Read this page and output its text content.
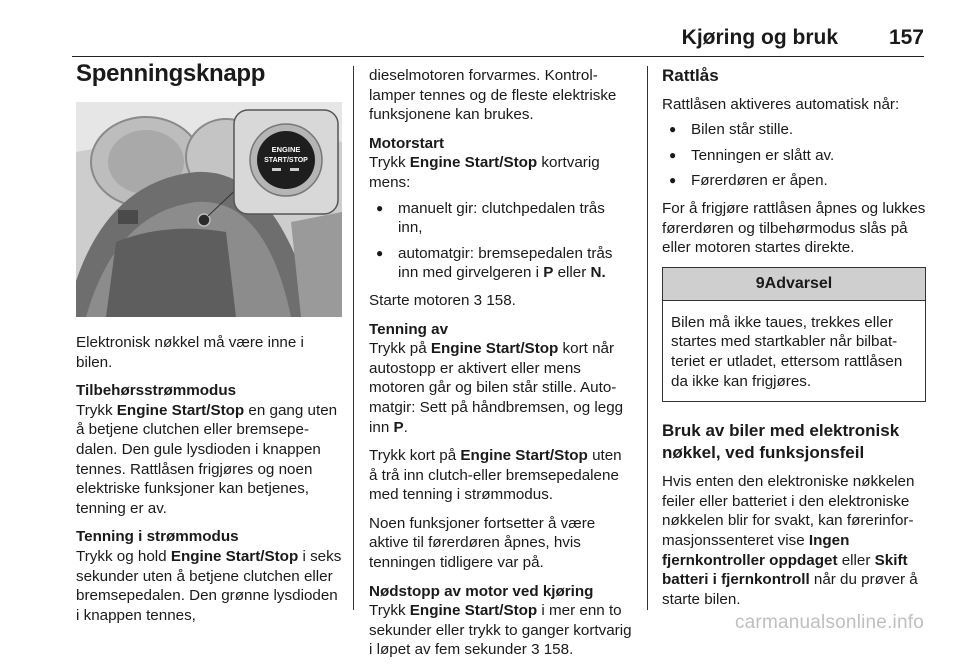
Kjøring og bruk 157
Spenningsknapp
ENGINE
START/STOP

Elektronisk nøkkel må være inne i bilen.

Tilbehørsstrømmodus
Trykk Engine Start/Stop en gang uten å betjene clutchen eller bremsepedalen. Den gule lysdioden i knappen tennes. Rattlåsen frigjøres og noen elektriske funksjoner kan betjenes, tenning er av.

Tenning i strømmodus
Trykk og hold Engine Start/Stop i seks sekunder uten å betjene clutchen eller bremsepedalen. Den grønne lysdioden i knappen tennes,

dieselmotoren forvarmes. Kontrollamper tennes og de fleste elektriske funksjonene kan brukes.

Motorstart
Trykk Engine Start/Stop kortvarig mens:

● manuelt gir: clutchpedalen trås inn,
● automatgir: bremsepedalen trås inn med girvelgeren i P eller N.

Starte motoren 3 158.

Tenning av
Trykk på Engine Start/Stop kort når autostopp er aktivert eller mens motoren går og bilen står stille. Automatgir: Sett på håndbremsen, og legg inn P.

Trykk kort på Engine Start/Stop uten å trå inn clutch-eller bremsepedalene med tenning i strømmodus.

Noen funksjoner fortsetter å være aktive til førerdøren åpnes, hvis tenningen tidligere var på.

Nødstopp av motor ved kjøring
Trykk Engine Start/Stop i mer enn to sekunder eller trykk to ganger kortvarig i løpet av fem sekunder 3 158.

Rattlås

Rattlåsen aktiveres automatisk når:

● Bilen står stille.
● Tenningen er slått av.
● Førerdøren er åpen.

For å frigjøre rattlåsen åpnes og lukkes førerdøren og tilbehørmodus slås på eller motoren startes direkte.

9Advarsel
Bilen må ikke taues, trekkes eller startes med startkabler når bilbatteriet er utladet, ettersom rattlåsen da ikke kan frigjøres.
Bruk av biler med elektronisk nøkkel, ved funksjonsfeil

Hvis enten den elektroniske nøkkelen feiler eller batteriet i den elektroniske nøkkelen blir for svakt, kan førerinformasjonssenteret vise Ingen fjernkontroller oppdaget eller Skift batteri i fjernkontroll når du prøver å starte bilen.

carmanualsonline.info
